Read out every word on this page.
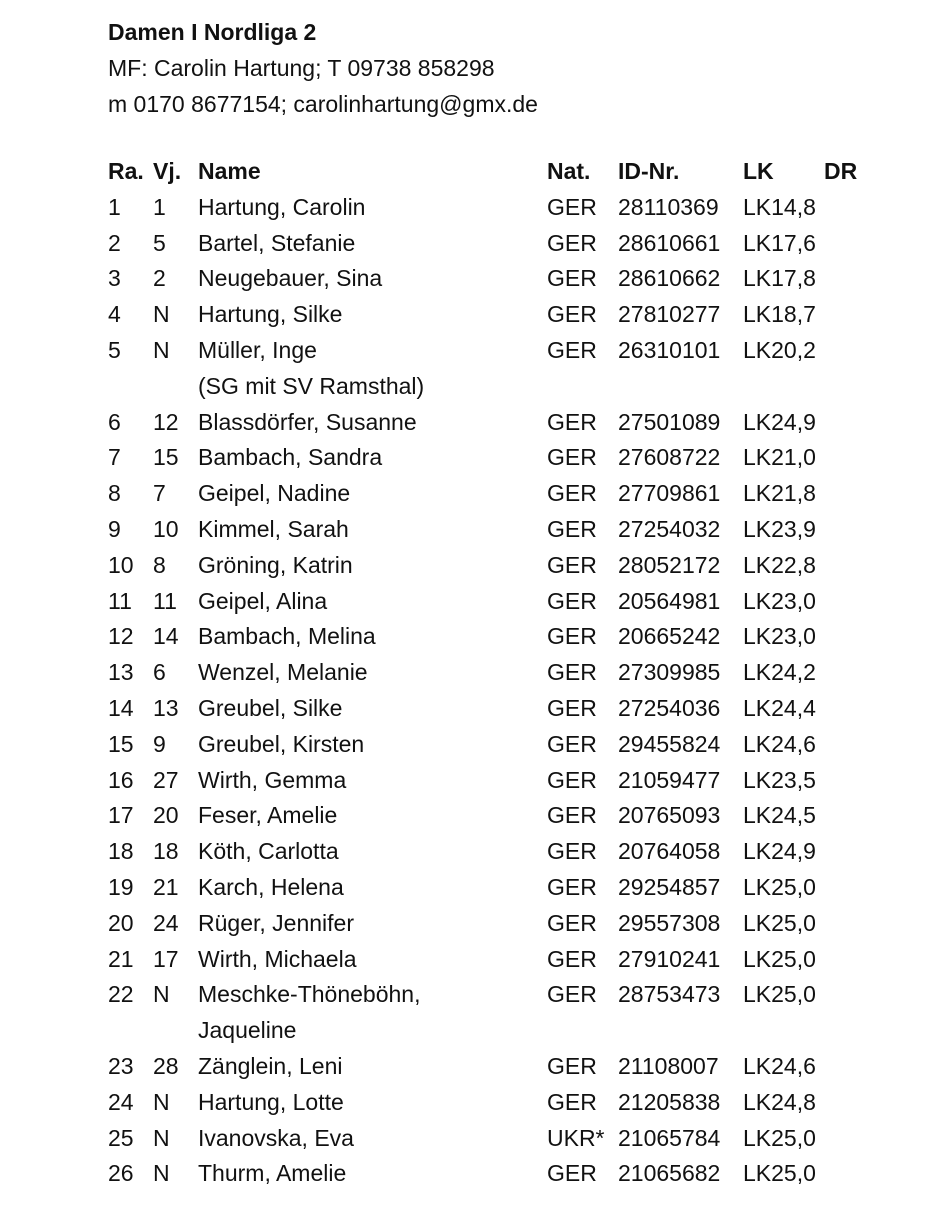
Damen I Nordliga 2
MF: Carolin Hartung; T 09738 858298
m 0170 8677154; carolinhartung@gmx.de
Ra. Vj. Name	Nat. ID-Nr.	LK DR
1 1 Hartung, Carolin	GER 28110369 LK14,8
2 5 Bartel, Stefanie	GER 28610661 LK17,6
3 2 Neugebauer, Sina	GER 28610662 LK17,8
4 N Hartung, Silke	GER 27810277 LK18,7
5 N Müller, Inge	GER 26310101 LK20,2
(SG mit SV Ramsthal)
6 12 Blassdörfer, Susanne	GER 27501089 LK24,9
7 15 Bambach, Sandra	GER 27608722 LK21,0
8 7 Geipel, Nadine	GER 27709861 LK21,8
9 10 Kimmel, Sarah	GER 27254032 LK23,9
10 8 Gröning, Katrin	GER 28052172 LK22,8
11 11 Geipel, Alina	GER 20564981 LK23,0
12 14 Bambach, Melina	GER 20665242 LK23,0
13 6 Wenzel, Melanie	GER 27309985 LK24,2
14 13 Greubel, Silke	GER 27254036 LK24,4
15 9 Greubel, Kirsten	GER 29455824 LK24,6
16 27 Wirth, Gemma	GER 21059477 LK23,5
17 20 Feser, Amelie	GER 20765093 LK24,5
18 18 Köth, Carlotta	GER 20764058 LK24,9
19 21 Karch, Helena	GER 29254857 LK25,0
20 24 Rüger, Jennifer	GER 29557308 LK25,0
21 17 Wirth, Michaela	GER 27910241 LK25,0
22 N Meschke-Thöneböhn,	GER 28753473 LK25,0
Jaqueline
23 28 Zänglein, Leni	GER 21108007 LK24,6
24 N Hartung, Lotte	GER 21205838 LK24,8
25 N Ivanovska, Eva	UKR* 21065784 LK25,0
26 N Thurm, Amelie	GER 21065682 LK25,0
